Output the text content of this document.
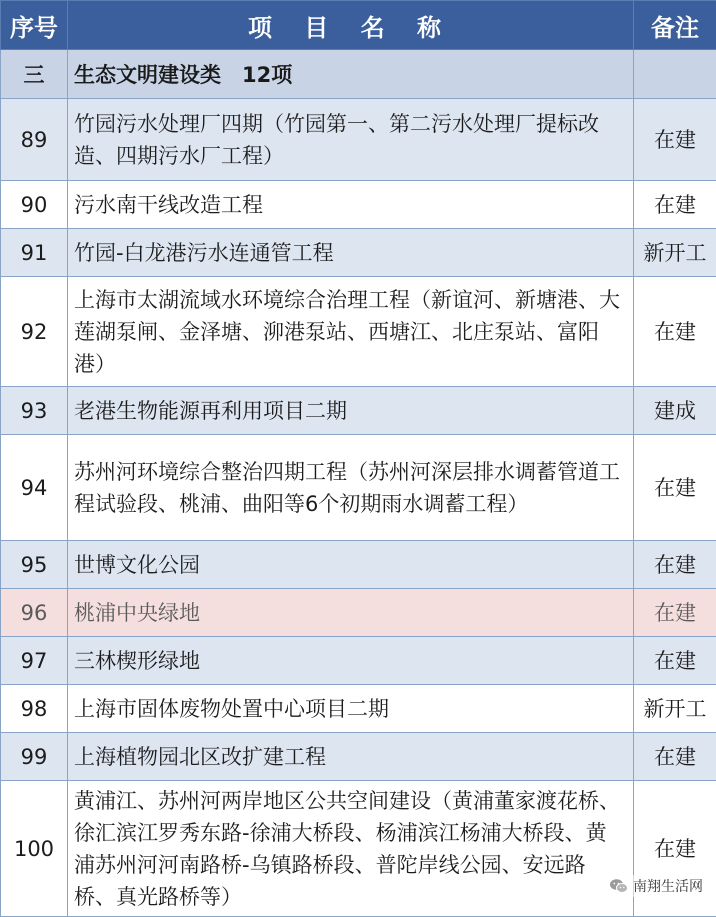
序号	项 目 名 称	备注
三	生态文明建设类　12项	
89	竹园污水处理厂四期（竹园第一、第二污水处理厂提标改造、四期污水厂工程）	在建
90	污水南干线改造工程	在建
91	竹园-白龙港污水连通管工程	新开工
92	上海市太湖流域水环境综合治理工程（新谊河、新塘港、大莲湖泵闸、金泽塘、泖港泵站、西塘江、北庄泵站、富阳港）	在建
93	老港生物能源再利用项目二期	建成
94	苏州河环境综合整治四期工程（苏州河深层排水调蓄管道工程试验段、桃浦、曲阳等6个初期雨水调蓄工程）	在建
95	世博文化公园	在建
96	桃浦中央绿地	在建
97	三林楔形绿地	在建
98	上海市固体废物处置中心项目二期	新开工
99	上海植物园北区改扩建工程	在建
100	黄浦江、苏州河两岸地区公共空间建设（黄浦董家渡花桥、徐汇滨江罗秀东路-徐浦大桥段、杨浦滨江杨浦大桥段、黄浦苏州河河南路桥-乌镇路桥段、普陀岸线公园、安远路桥、真光路桥等）	在建
南翔生活网
